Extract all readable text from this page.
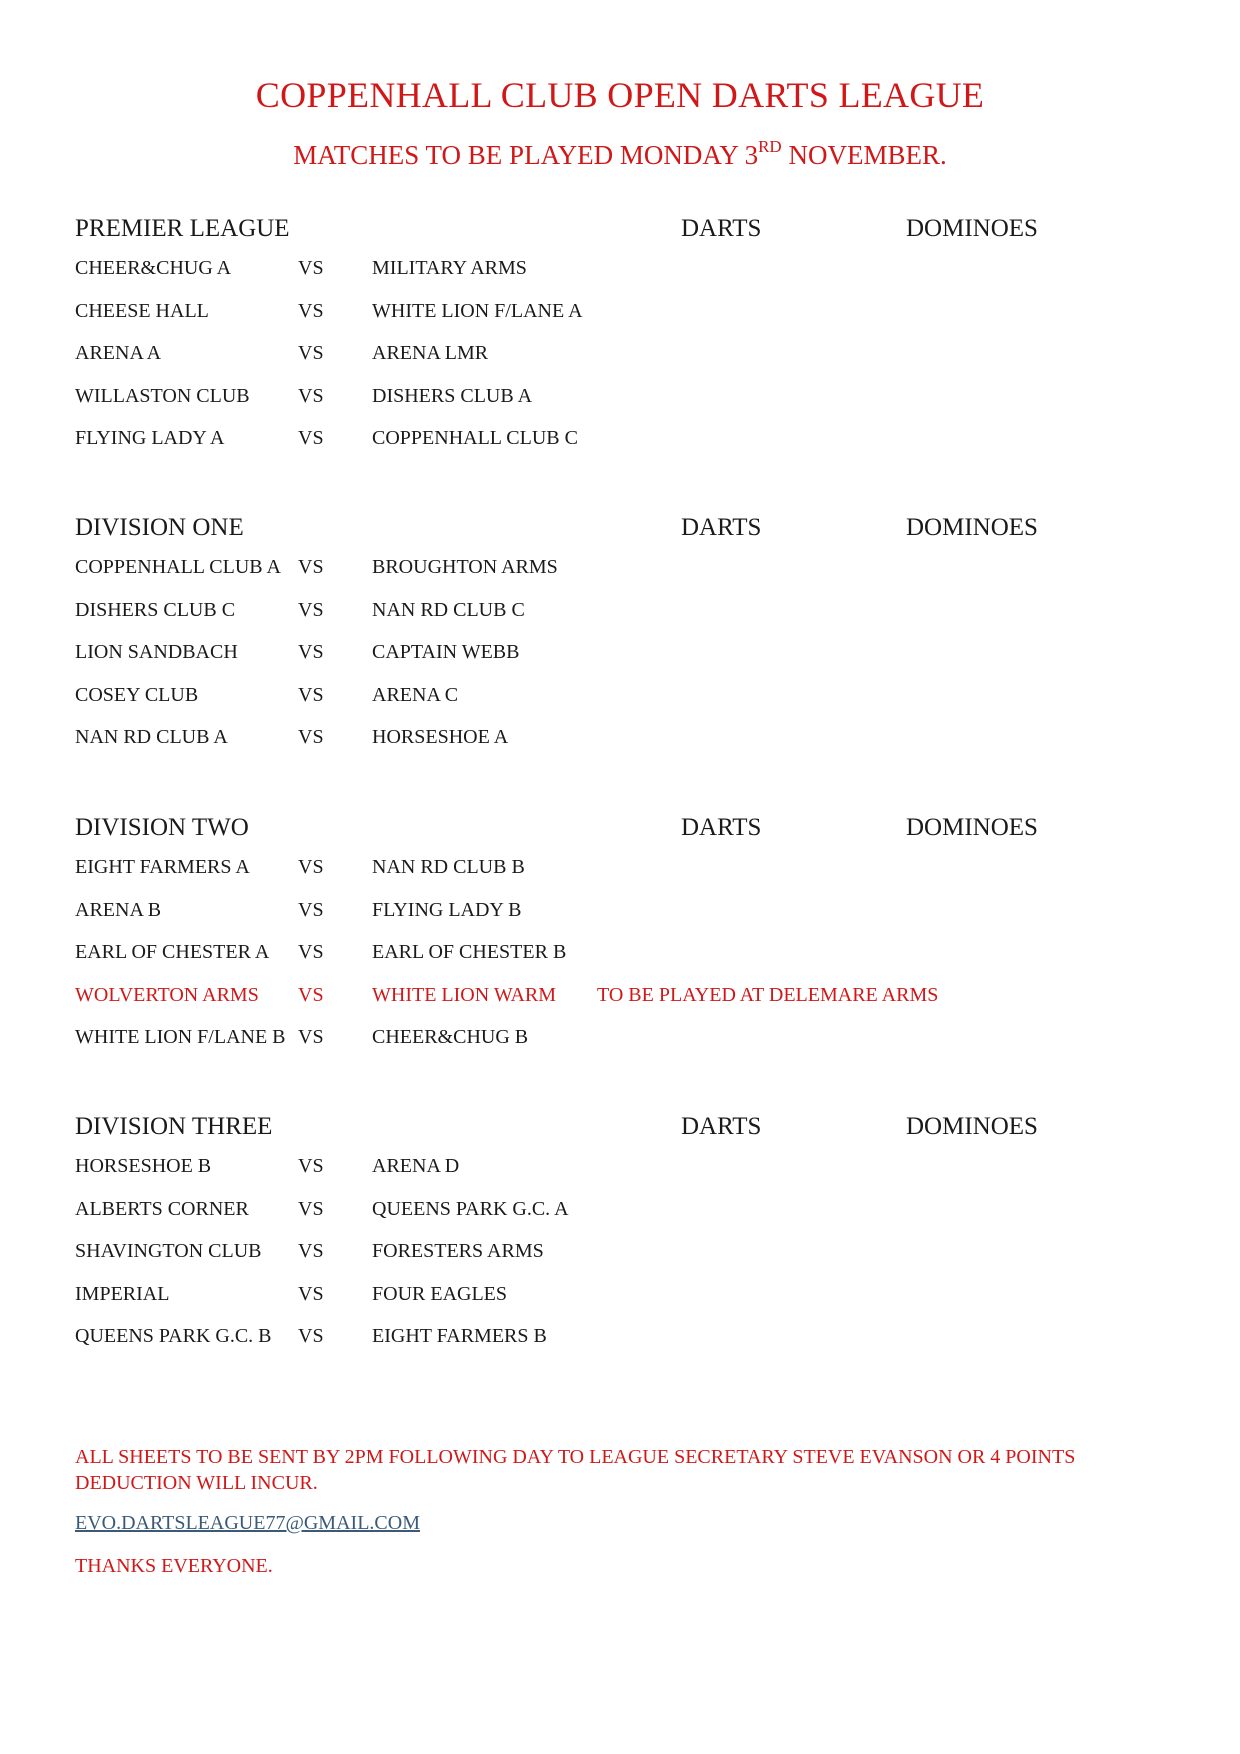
COPPENHALL CLUB OPEN DARTS LEAGUE
MATCHES TO BE PLAYED MONDAY 3RD NOVEMBER.
PREMIER LEAGUE	DARTS	DOMINOES
CHEER&CHUG A	VS MILITARY ARMS
CHEESE HALL	VS WHITE LION F/LANE A
ARENA A	VS ARENA LMR
WILLASTON CLUB VS DISHERS CLUB A
FLYING LADY A	VS COPPENHALL CLUB C
DIVISION ONE	DARTS	DOMINOES
COPPENHALL CLUB A VS BROUGHTON ARMS
DISHERS CLUB C	VS NAN RD CLUB C
LION SANDBACH	VS CAPTAIN WEBB
COSEY CLUB	VS ARENA C
NAN RD CLUB A	VS HORSESHOE A
DIVISION TWO	DARTS	DOMINOES
EIGHT FARMERS A VS NAN RD CLUB B
ARENA B	VS FLYING LADY B
EARL OF CHESTER A VS EARL OF CHESTER B
WOLVERTON ARMS VS WHITE LION WARM TO BE PLAYED AT DELEMARE ARMS
WHITE LION F/LANE B VS CHEER&CHUG B
DIVISION THREE	DARTS	DOMINOES
HORSESHOE B	VS ARENA D
ALBERTS CORNER VS QUEENS PARK G.C. A
SHAVINGTON CLUB VS FORESTERS ARMS
IMPERIAL	VS FOUR EAGLES
QUEENS PARK G.C. B VS EIGHT FARMERS B
ALL SHEETS TO BE SENT BY 2PM FOLLOWING DAY TO LEAGUE SECRETARY STEVE EVANSON OR 4 POINTS DEDUCTION WILL INCUR.
EVO.DARTSLEAGUE77@GMAIL.COM
THANKS EVERYONE.
